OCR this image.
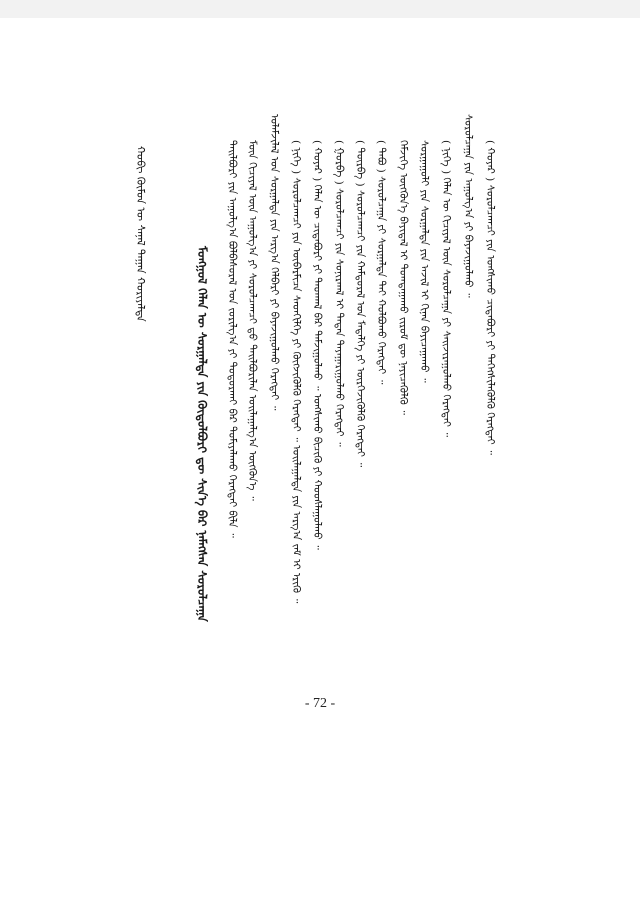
ᠬᠤᠪᠢ ᠬᠦᠮᠦᠨ ᠦ ᠰᠠᠨᠠᠯ ᠳᠠᠭᠠᠨ ᠬᠤᠷᠢᠶᠠᠯᠲᠠ
ᠮᠣᠩᠭᠣᠯ ᠬᠡᠯᠡᠨ ᠦ ᠰᠤᠷᠭᠠᠯᠲᠠ ᠶᠢᠨ ᠬᠥᠲᠥᠯᠪᠦᠷᠢ ᠳᠦ ᠰᠢᠨ᠎ᠡ ᠪᠠᠷ ᠨᠡᠮᠡᠭᠰᠡᠨ ᠰᠤᠷᠤᠯᠴᠠᠭᠠ ᠲᠠᠢᠯᠪᠤᠷᠢ ᠶᠢᠨ ᠠᠭᠤᠯᠭ᠎ᠠ ᠪᠣᠯᠪᠠᠰᠤᠷᠠᠯ ᠤᠨ ᠵᠣᠷᠢᠯᠭ᠎ᠠ ᠶᠢ ᠲᠣᠳᠣᠷᠬᠠᠢ ᠪᠠᠷ ᠲᠣᠮᠢᠶᠠᠯᠠᠬᠤ ᠬᠡᠷᠡᠭᠲᠡᠢ ᠪᠢᠯᠡ ᠃ ᠮᠥᠨ ᠬᠢᠴᠢᠶᠡᠯ ᠦᠨ ᠠᠭᠤᠯᠭ᠎ᠠ ᠶᠢ ᠰᠤᠷᠤᠯᠴᠠᠭᠴᠢ ᠳ᠋ᠤ ᠲᠠᠢᠯᠪᠤᠷᠢᠯᠠᠨ ᠣᠢᠯᠠᠭᠠᠯᠭ᠎ᠠ ᠥᠭᠭᠦᠨ᠎ᠡ ᠃ ᠤᠯᠠᠮᠵᠢᠯᠠᠯ ᠤᠨ ᠰᠤᠷᠭᠠᠯᠲᠠ ᠶᠢᠨ ᠠᠷᠭ᠎ᠠ ᠬᠡᠯᠪᠡᠷᠢ ᠶᠢ ᠪᠠᠶᠠᠵᠢᠭᠤᠯᠬᠤ ᠬᠡᠷᠡᠭᠲᠡᠢ ᠃ ( ᠨᠢᠭᠡ ) ᠰᠤᠷᠤᠯᠴᠠᠭᠴᠢ ᠶᠢᠨ ᠥᠪᠡᠷᠮᠢᠴᠡ ᠰᠡᠳᠭᠢᠯᠭᠡ ᠶᠢ ᠬᠥᠭᠵᠢᠭᠦᠯᠬᠦ ᠬᠡᠷᠡᠭᠲᠡᠢ ᠃ ᠣᠢᠯᠠᠭᠠᠯᠲᠠ ᠶᠢᠨ ᠠᠷᠭ᠎ᠠ ᠵᠠᠮ ᠢ ᠡᠷᠢᠬᠦ ᠃ ( ᠬᠣᠶᠠᠷ ) ᠬᠡᠯᠡᠨ ᠦ ᠴᠢᠳᠠᠪᠤᠷᠢ ᠶᠢ ᠳᠠᠳᠬᠠᠯ ᠪᠠᠷ ᠳᠠᠮᠵᠢᠭᠤᠯᠬᠤ ᠃ ᠤᠩᠰᠢᠬᠤ ᠪᠢᠴᠢᠬᠦ ᠶᠢ ᠬᠣᠤᠰᠯᠠᠭᠤᠯᠬᠤ ᠃ ( ᠭᠤᠷᠪᠠ ) ᠰᠤᠷᠤᠯᠴᠠᠭᠴᠢ ᠶᠢᠨ ᠰᠣᠨᠢᠷᠬᠠᠯ ᠢ ᠲᠠᠲᠠᠨ ᠳᠠᠶᠠᠭᠠᠷᠢᠭᠤᠯᠬᠤ ᠬᠡᠷᠡᠭᠲᠡᠢ ᠃ ( ᠳᠥᠷᠪᠡ ) ᠰᠤᠷᠤᠯᠴᠠᠭᠴᠢ ᠶᠢᠨ ᠬᠠᠮᠲᠤᠷᠠᠯ ᠤᠨ ᠮᠡᠳᠡᠯᠭᠡ ᠶᠢ ᠥᠷᠭᠡᠵᠢᠭᠦᠯᠬᠦ ᠬᠡᠷᠡᠭᠲᠡᠢ ᠃ ( ᠲᠠᠪᠤ ) ᠰᠤᠷᠤᠯᠴᠠᠭᠠ ᠶᠢ ᠰᠤᠷᠭᠠᠯᠲᠠ ᠲᠠᠢ ᠬᠣᠯᠪᠣᠬᠤ ᠬᠡᠷᠡᠭᠲᠡᠢ ᠃ ᠬᠡᠮᠵᠢᠭᠡ ᠥᠭᠭᠦᠨ᠎ᠡ ᠪᠠᠶᠢᠳᠠᠯ ᠢ ᠲᠣᠭᠲᠠᠭᠠᠬᠤ ᠵᠢᠷᠤᠮ ᠳᠦ ᠨᠡᠶᠢᠴᠡᠭᠦᠯᠬᠦ ᠃ ᠰᠤᠷᠭᠠᠭᠤᠯᠢ ᠶᠢᠨ ᠰᠤᠷᠭᠠᠯᠲᠠ ᠶᠢᠨ ᠠᠵᠢᠯ ᠢ ᠬᠢᠨᠠᠨ ᠪᠠᠶᠢᠴᠠᠭᠠᠬᠤ ᠃ ( ᠨᠢᠭᠡ ) ᠬᠡᠯᠡᠨ ᠦ ᠬᠢᠴᠢᠶᠡᠯ ᠦᠨ ᠰᠤᠷᠤᠯᠴᠠᠭᠠ ᠶᠢ ᠰᠠᠢᠵᠢᠷᠠᠭᠤᠯᠬᠤ ᠬᠡᠷᠡᠭᠲᠡᠢ ᠃ ᠰᠤᠷᠤᠯᠴᠠᠭᠠ ᠶᠢᠨ ᠠᠭᠤᠯᠭ᠎ᠠ ᠶᠢ ᠪᠠᠶᠠᠵᠢᠭᠤᠯᠬᠤ ᠃ ( ᠬᠣᠶᠠᠷ ) ᠰᠤᠷᠤᠯᠴᠠᠭᠴᠢ ᠶᠢᠨ ᠤᠩᠰᠢᠬᠤ ᠴᠢᠳᠠᠪᠤᠷᠢ ᠶᠢ ᠳᠡᠭᠡᠭᠰᠢᠯᠡᠭᠦᠯᠬᠦ ᠬᠡᠷᠡᠭᠲᠡᠢ ᠃
- 72 -
